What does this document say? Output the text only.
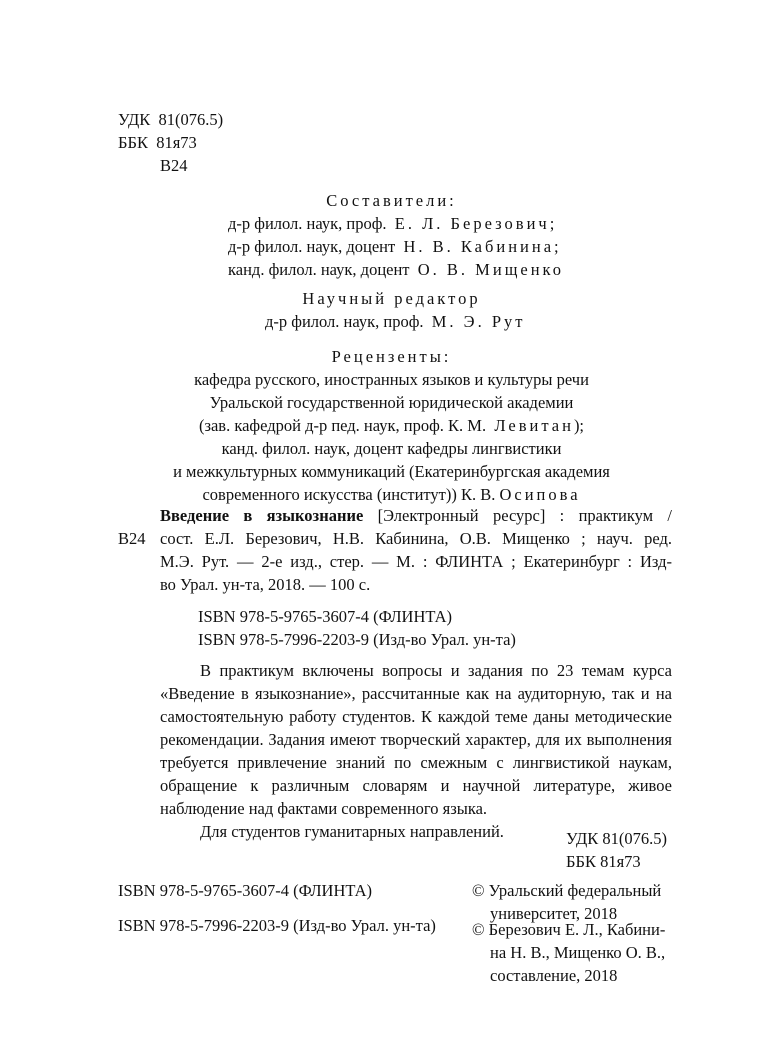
УДК 81(076.5)
ББК 81я73
В24
Составители:
д-р филол. наук, проф. Е. Л. Березович;
д-р филол. наук, доцент Н. В. Кабинина;
канд. филол. наук, доцент О. В. Мищенко
Научный редактор
д-р филол. наук, проф. М. Э. Рут
Рецензенты:
кафедра русского, иностранных языков и культуры речи
Уральской государственной юридической академии
(зав. кафедрой д-р пед. наук, проф. К. М. Левитан);
канд. филол. наук, доцент кафедры лингвистики
и межкультурных коммуникаций (Екатеринбургская академия
современного искусства (институт)) К. В. Осипова
В24
Введение в языкознание [Электронный ресурс] : практикум /
сост. Е.Л. Березович, Н.В. Кабинина, О.В. Мищенко ; науч. ред.
М.Э. Рут. — 2-е изд., стер. — М. : ФЛИНТА ; Екатеринбург : Изд-
во Урал. ун-та, 2018. — 100 с.
ISBN 978-5-9765-3607-4 (ФЛИНТА)
ISBN 978-5-7996-2203-9 (Изд-во Урал. ун-та)

В практикум включены вопросы и задания по 23 темам курса «Введение в языкознание», рассчитанные как на аудиторную, так и на самостоятельную работу студентов. К каждой теме даны методические рекомендации. Задания имеют творческий характер, для их выполнения требуется привлечение знаний по смежным с лингвистикой наукам, обращение к различным словарям и научной литературе, живое наблюдение над фактами современного языка.

Для студентов гуманитарных направлений.	УДК 81(076.5)
ББК 81я73
ISBN 978-5-9765-3607-4 (ФЛИНТА)
ISBN 978-5-7996-2203-9 (Изд-во Урал. ун-та)
© Уральский федеральный
университет, 2018
© Березович Е. Л., Кабини-
на Н. В., Мищенко О. В.,
составление, 2018
